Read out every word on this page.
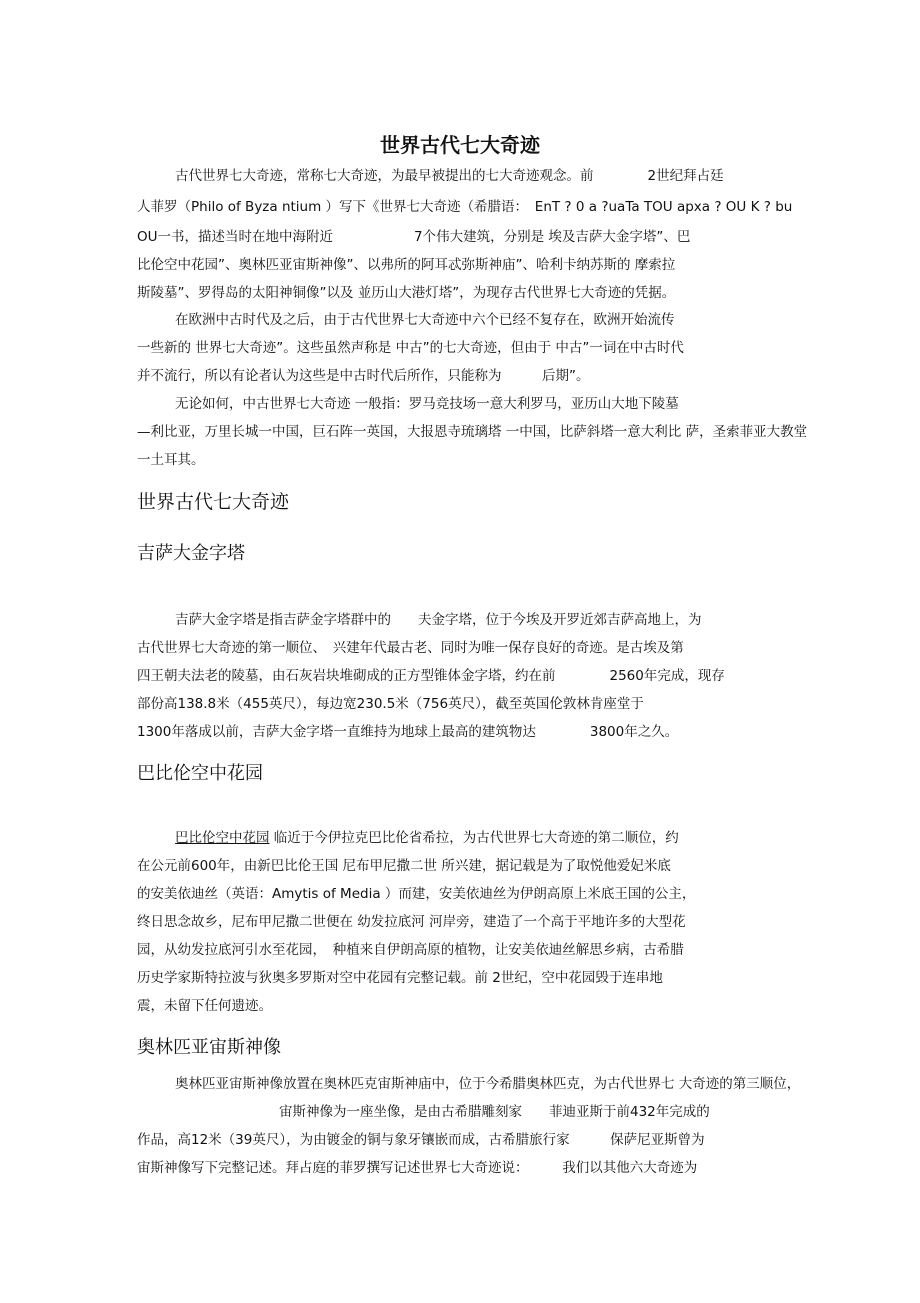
世界古代七大奇迹

古代世界七大奇迹，常称七大奇迹，为最早被提出的七大奇迹观念。前　　　　2世纪拜占廷

人菲罗（Philo of Byza ntium ）写下《世界七大奇迹（希腊语：　EnT ? 0 a ?uaTa TOU apxa ? OU K ? bu

OU一书，描述当时在地中海附近　　　　　　7个伟大建筑，分别是 埃及吉萨大金字塔”、巴

比伦空中花园”、奥林匹亚宙斯神像”、以弗所的阿耳忒弥斯神庙”、哈利卡纳苏斯的 摩索拉

斯陵墓”、罗得岛的太阳神铜像”以及 並历山大港灯塔”，为现存古代世界七大奇迹的凭据。

在欧洲中古时代及之后，由于古代世界七大奇迹中六个已经不复存在，欧洲开始流传

一些新的 世界七大奇迹”。这些虽然声称是 中古”的七大奇迹，但由于 中古”一词在中古时代

并不流行，所以有论者认为这些是中古时代后所作，只能称为　　　后期”。

无论如何，中古世界七大奇迹 一般指：罗马竞技场一意大利罗马，亚历山大地下陵墓

—利比亚，万里长城一中国，巨石阵一英国，大报恩寺琉璃塔 一中国，比萨斜塔一意大利比 萨，圣索菲亚大教堂

一土耳其。

世界古代七大奇迹
吉萨大金字塔

吉萨大金字塔是指吉萨金字塔群中的　　夫金字塔，位于今埃及开罗近郊吉萨高地上，为

古代世界七大奇迹的第一顺位、　兴建年代最古老、同时为唯一保存良好的奇迹。是古埃及第

四王朝夫法老的陵墓，由石灰岩块堆砌成的正方型锥体金字塔，约在前　　　　2560年完成，现存

部份高138.8米（455英尺），每边宽230.5米（756英尺），截至英国伦敦林肯座堂于

1300年落成以前，吉萨大金字塔一直维持为地球上最高的建筑物达　　　　3800年之久。

巴比伦空中花园

巴比伦空中花园 临近于今伊拉克巴比伦省希拉，为古代世界七大奇迹的第二顺位，约

在公元前600年，由新巴比伦王国 尼布甲尼撒二世 所兴建，据记载是为了取悦他爱妃米底

的安美依迪丝（英语：Amytis of Media ）而建，安美依迪丝为伊朗高原上米底王国的公主，

终日思念故乡，尼布甲尼撒二世便在 幼发拉底河 河岸旁，建造了一个高于平地许多的大型花

园，从幼发拉底河引水至花园，　种植来自伊朗高原的植物，让安美依迪丝解思乡病，古希腊

历史学家斯特拉波与狄奥多罗斯对空中花园有完整记载。前 2世纪，空中花园毁于连串地

震，未留下任何遗迹。

奥林匹亚宙斯神像

奥林匹亚宙斯神像放置在奥林匹克宙斯神庙中，位于今希腊奥林匹克，为古代世界七 大奇迹的第三顺位，

宙斯神像为一座坐像，是由古希腊雕刻家　　菲迪亚斯于前432年完成的

作品，高12米（39英尺），为由镀金的铜与象牙镶嵌而成，古希腊旅行家　　　保萨尼亚斯曾为

宙斯神像写下完整记述。拜占庭的菲罗撰写记述世界七大奇迹说：　　　我们以其他六大奇迹为
